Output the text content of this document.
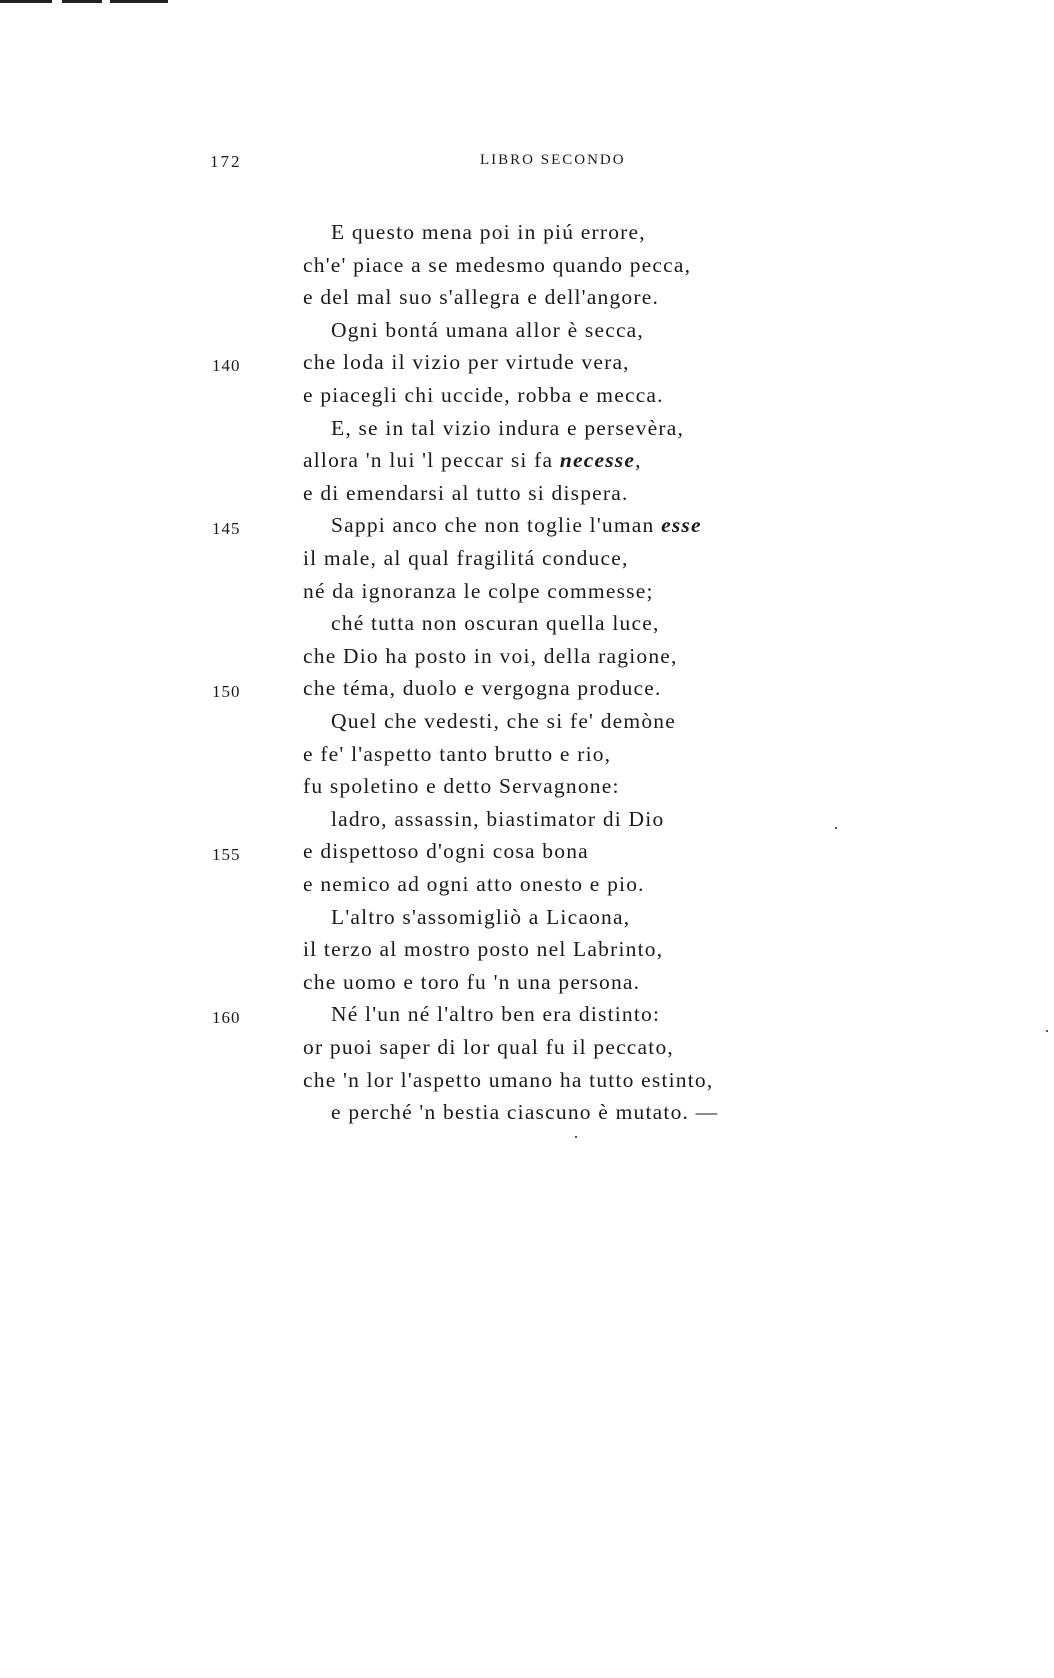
172	LIBRO SECONDO
E questo mena poi in piú errore,
ch'e' piace a se medesmo quando pecca,
e del mal suo s'allegra e dell'angore.
Ogni bontá umana allor è secca,
140	che loda il vizio per virtude vera,
e piacegli chi uccide, robba e mecca.
E, se in tal vizio indura e persevèra,
allora 'n lui 'l peccar si fa necesse,
e di emendarsi al tutto si dispera.
145	Sappi anco che non toglie l'uman esse
il male, al qual fragilitá conduce,
né da ignoranza le colpe commesse;
ché tutta non oscuran quella luce,
che Dio ha posto in voi, della ragione,
150	che téma, duolo e vergogna produce.
Quel che vedesti, che si fe' demòne
e fe' l'aspetto tanto brutto e rio,
fu spoletino e detto Servagnone:
ladro, assassin, biastimator di Dio
155	e dispettoso d'ogni cosa bona
e nemico ad ogni atto onesto e pio.
L'altro s'assomigliò a Licaona,
il terzo al mostro posto nel Labrinto,
che uomo e toro fu 'n una persona.
160	Né l'un né l'altro ben era distinto:
or puoi saper di lor qual fu il peccato,
che 'n lor l'aspetto umano ha tutto estinto,
e perché 'n bestia ciascuno è mutato. —
